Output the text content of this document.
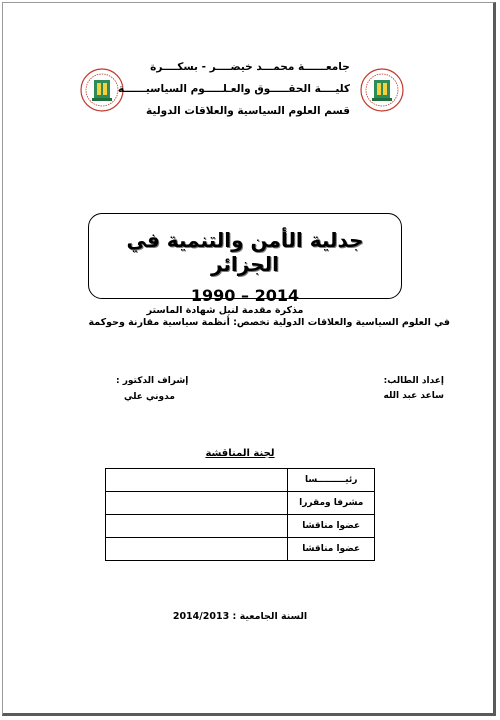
جامعــــــة محمـــد خيضــــر - بسكــــرة
كليــــة الحقـــــوق والعـلـــــوم السياسيــــــة
قسم العلوم السياسية والعلاقات الدولية
جدلية الأمن والتنمية في الجزائر
1990 – 2014
مذكرة مقدمة لنيل شهادة الماستر
في العلوم السياسية والعلاقات الدولية تخصص: أنظمة سياسية مقارنة وحوكمة
إعداد الطالب:
ساعد عبد الله
إشراف الدكتور :
مدوني علي
لجنة المناقشة
رئيـــــــــسا	
مشرفا ومقررا	
عضوا مناقشا	
عضوا مناقشا	
السنة الجامعية : 2014/2013
